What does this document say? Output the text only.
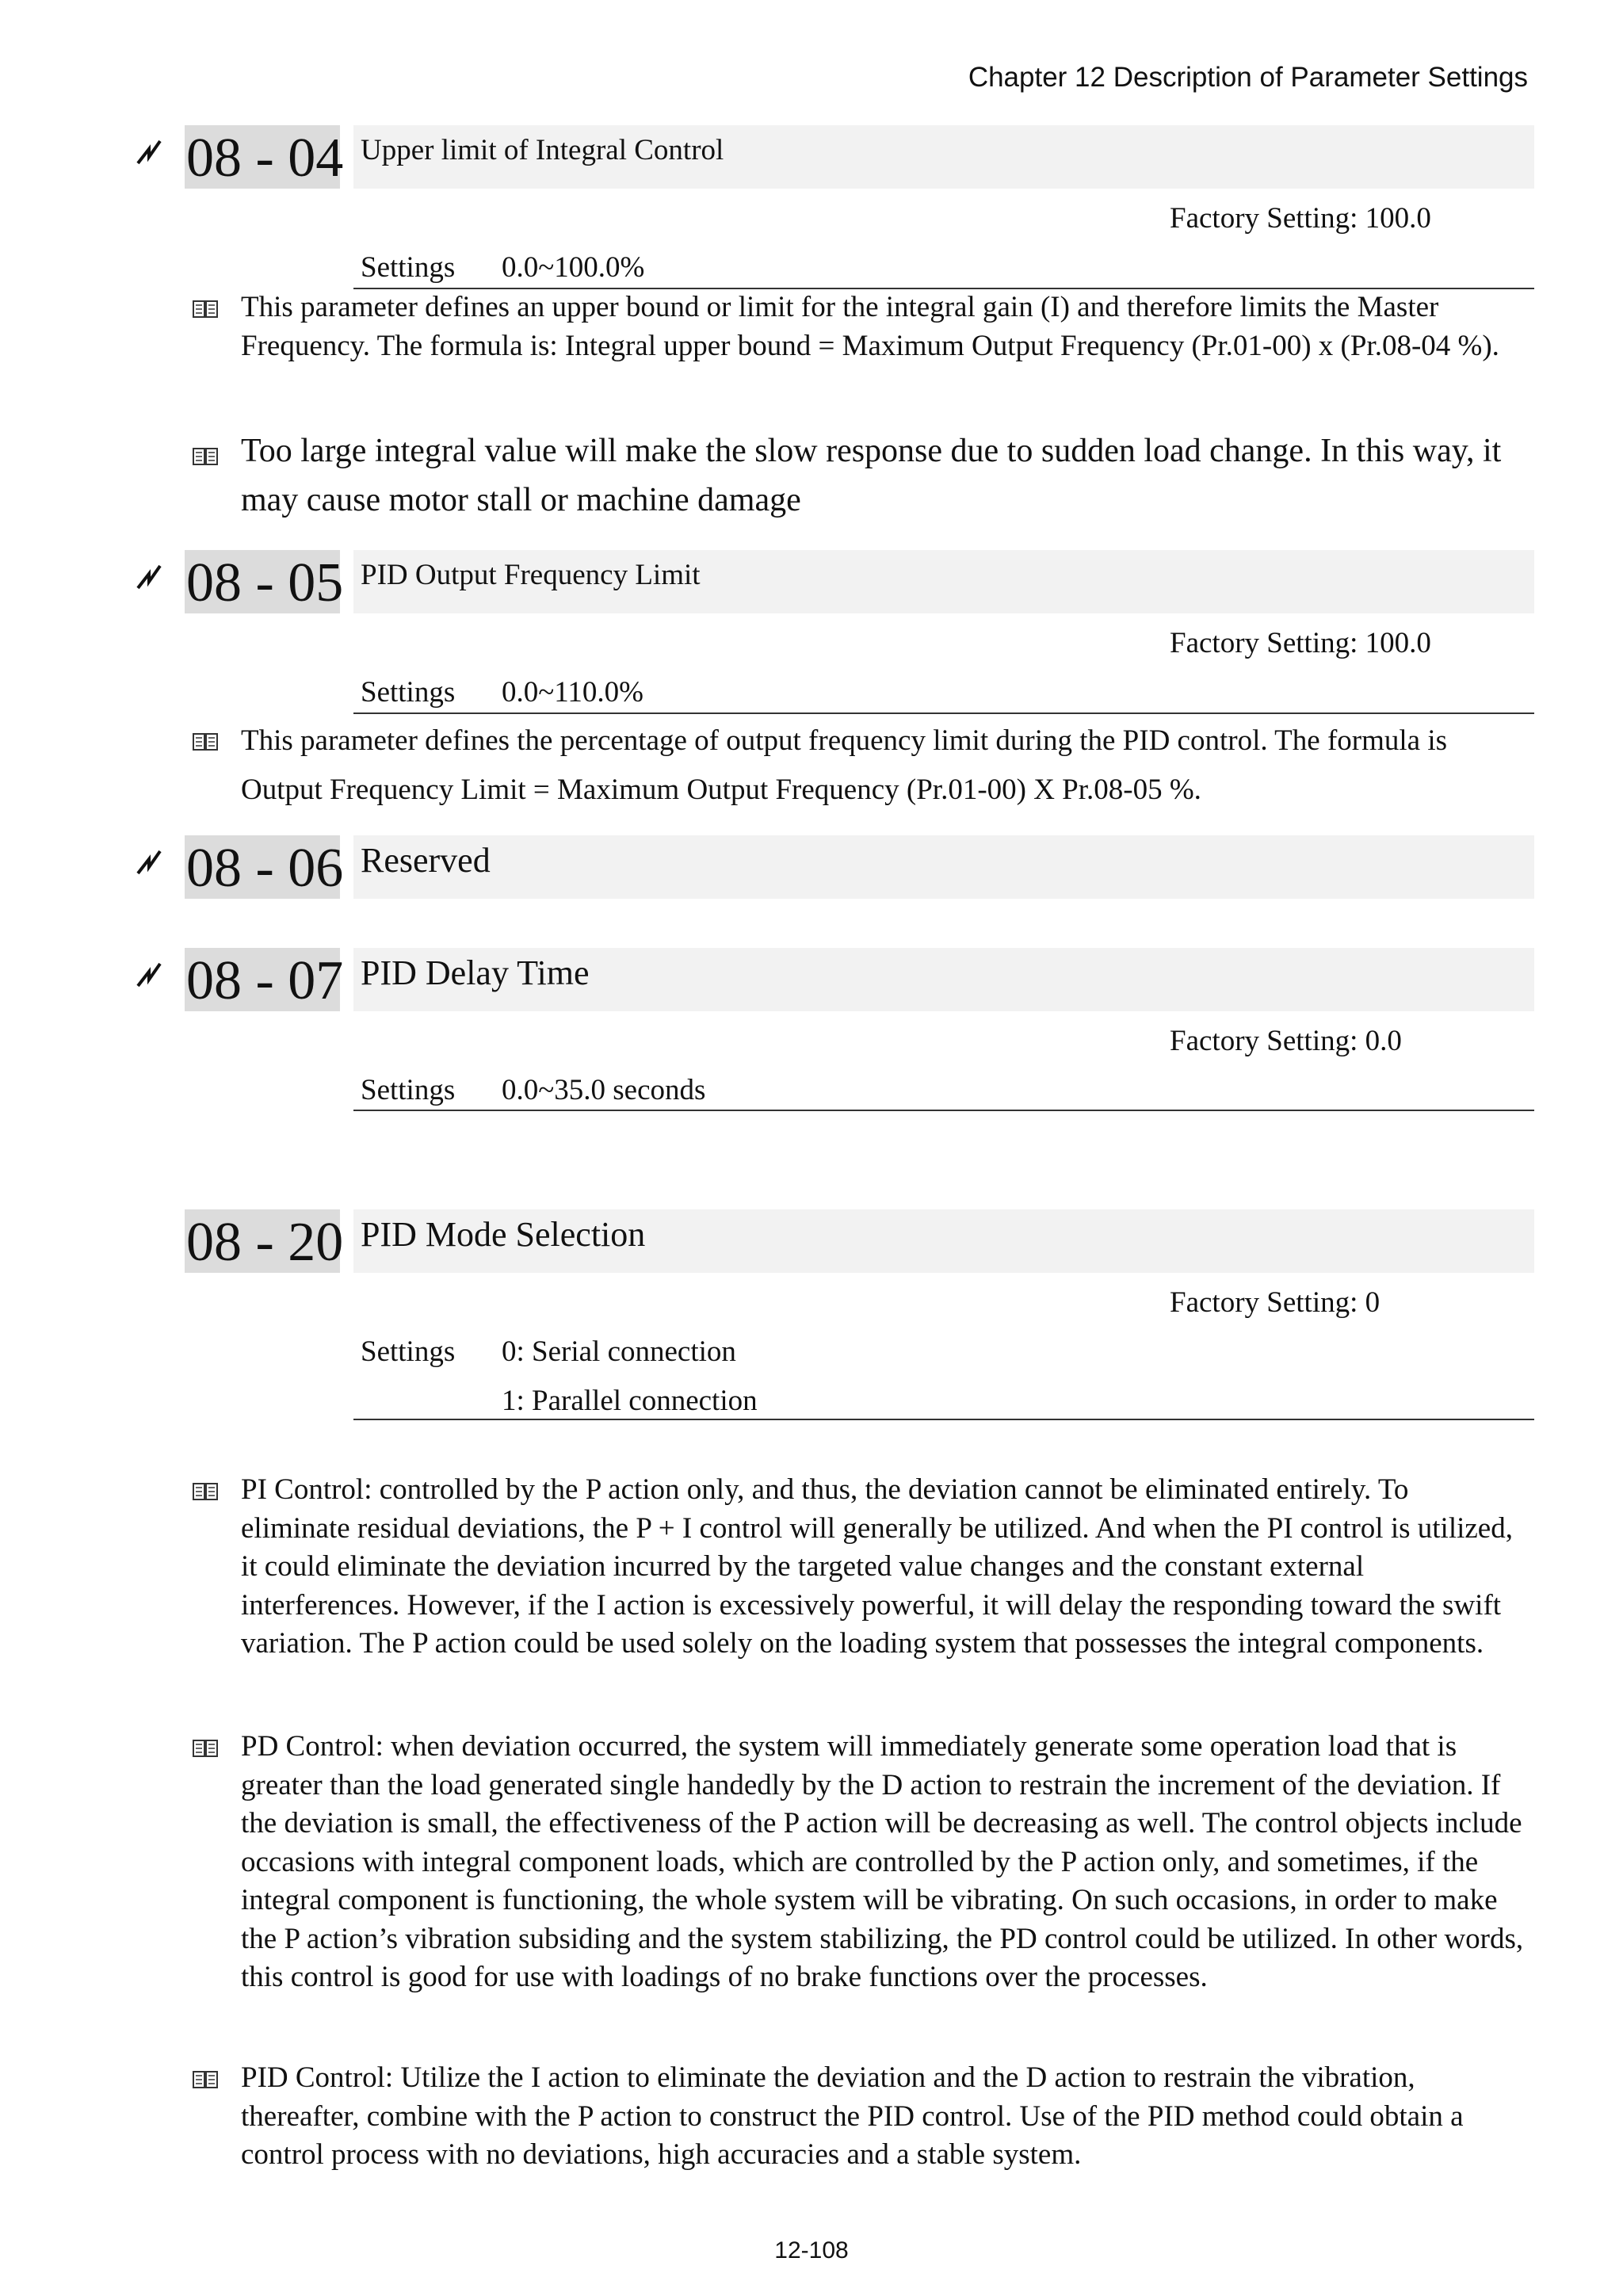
Chapter 12 Description of Parameter Settings
08 - 04 Upper limit of Integral Control
Factory Setting: 100.0
Settings 0.0~100.0%
This parameter defines an upper bound or limit for the integral gain (I) and therefore limits the Master Frequency. The formula is: Integral upper bound = Maximum Output Frequency (Pr.01-00) x (Pr.08-04 %).
Too large integral value will make the slow response due to sudden load change. In this way, it may cause motor stall or machine damage
08 - 05 PID Output Frequency Limit
Factory Setting: 100.0
Settings 0.0~110.0%
This parameter defines the percentage of output frequency limit during the PID control. The formula is Output Frequency Limit = Maximum Output Frequency (Pr.01-00) X Pr.08-05 %.
08 - 06 Reserved
08 - 07 PID Delay Time
Factory Setting: 0.0
Settings 0.0~35.0 seconds
08 - 20 PID Mode Selection
Factory Setting: 0
Settings 0: Serial connection
1: Parallel connection
PI Control: controlled by the P action only, and thus, the deviation cannot be eliminated entirely. To eliminate residual deviations, the P + I control will generally be utilized. And when the PI control is utilized, it could eliminate the deviation incurred by the targeted value changes and the constant external interferences. However, if the I action is excessively powerful, it will delay the responding toward the swift variation. The P action could be used solely on the loading system that possesses the integral components.
PD Control: when deviation occurred, the system will immediately generate some operation load that is greater than the load generated single handedly by the D action to restrain the increment of the deviation. If the deviation is small, the effectiveness of the P action will be decreasing as well. The control objects include occasions with integral component loads, which are controlled by the P action only, and sometimes, if the integral component is functioning, the whole system will be vibrating. On such occasions, in order to make the P action’s vibration subsiding and the system stabilizing, the PD control could be utilized. In other words, this control is good for use with loadings of no brake functions over the processes.
PID Control: Utilize the I action to eliminate the deviation and the D action to restrain the vibration, thereafter, combine with the P action to construct the PID control. Use of the PID method could obtain a control process with no deviations, high accuracies and a stable system.
12-108
